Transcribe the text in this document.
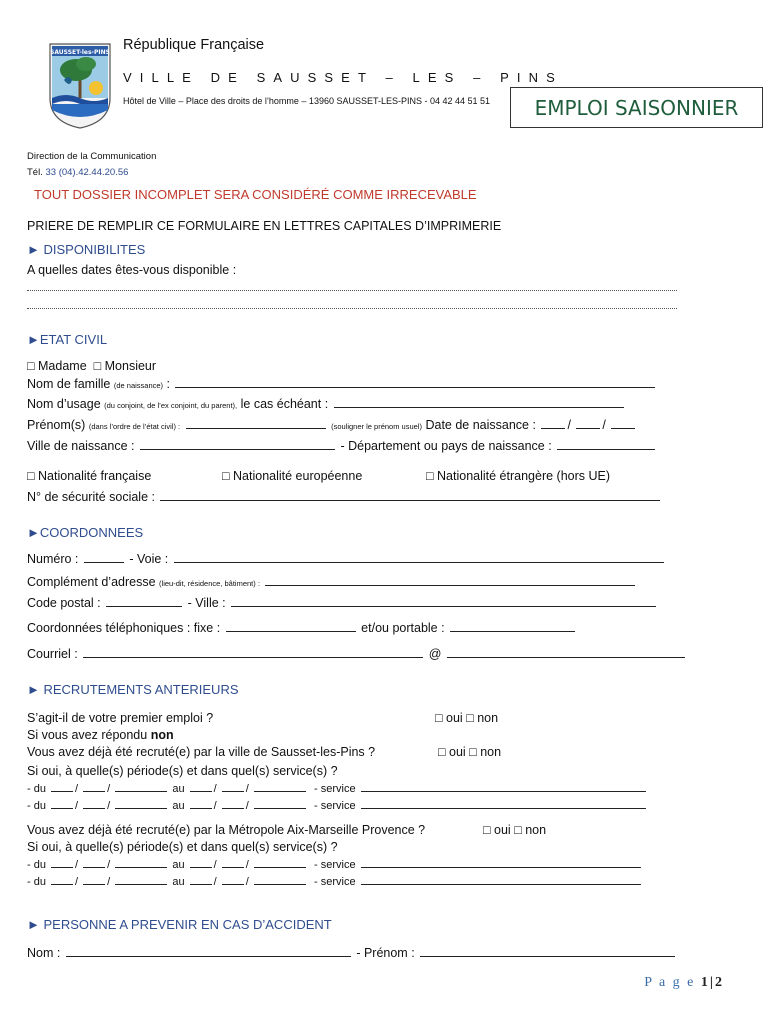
SAUSSET-les-PINS République Française
VILLE DE SAUSSET – LES – PINS
Hôtel de Ville – Place des droits de l’homme – 13960 SAUSSET-LES-PINS - 04 42 44 51 51	EMPLOI SAISONNIER
Direction de la Communication
Tél. 33 (04).42.44.20.56
TOUT DOSSIER INCOMPLET SERA CONSIDÉRÉ COMME IRRECEVABLE
PRIERE DE REMPLIR CE FORMULAIRE EN LETTRES CAPITALES D’IMPRIMERIE
► DISPONIBILITES
A quelles dates êtes-vous disponible :
►ETAT CIVIL
□ Madame □ Monsieur
Nom de famille (de naissance) :
Nom d’usage (du conjoint, de l’ex conjoint, du parent), le cas échéant :
Prénom(s) (dans l’ordre de l’état civil) :	(souligner le prénom usuel) Date de naissance :	/ /
Ville de naissance :	- Département ou pays de naissance :
□ Nationalité française	□ Nationalité européenne	□ Nationalité étrangère (hors UE)
N° de sécurité sociale :
►COORDONNEES
Numéro :	- Voie :
Complément d’adresse (lieu-dit, résidence, bâtiment) :
Code postal :	- Ville :
Coordonnées téléphoniques : fixe :	et/ou portable :
Courriel :	@
► RECRUTEMENTS ANTERIEURS
S’agit-il de votre premier emploi ?	□ oui □ non
Si vous avez répondu non
Vous avez déjà été recruté(e) par la ville de Sausset-les-Pins ?	□ oui □ non
Si oui, à quelle(s) période(s) et dans quel(s) service(s) ?
- du	/ /	au	/ /	- service
- du	/ /	au	/ /	- service
Vous avez déjà été recruté(e) par la Métropole Aix-Marseille Provence ?	□ oui □ non
Si oui, à quelle(s) période(s) et dans quel(s) service(s) ?
- du	/ /	au	/ /	- service
- du	/ /	au	/ /	- service
► PERSONNE A PREVENIR EN CAS D’ACCIDENT
Nom :	- Prénom :
P a g e 1|2
